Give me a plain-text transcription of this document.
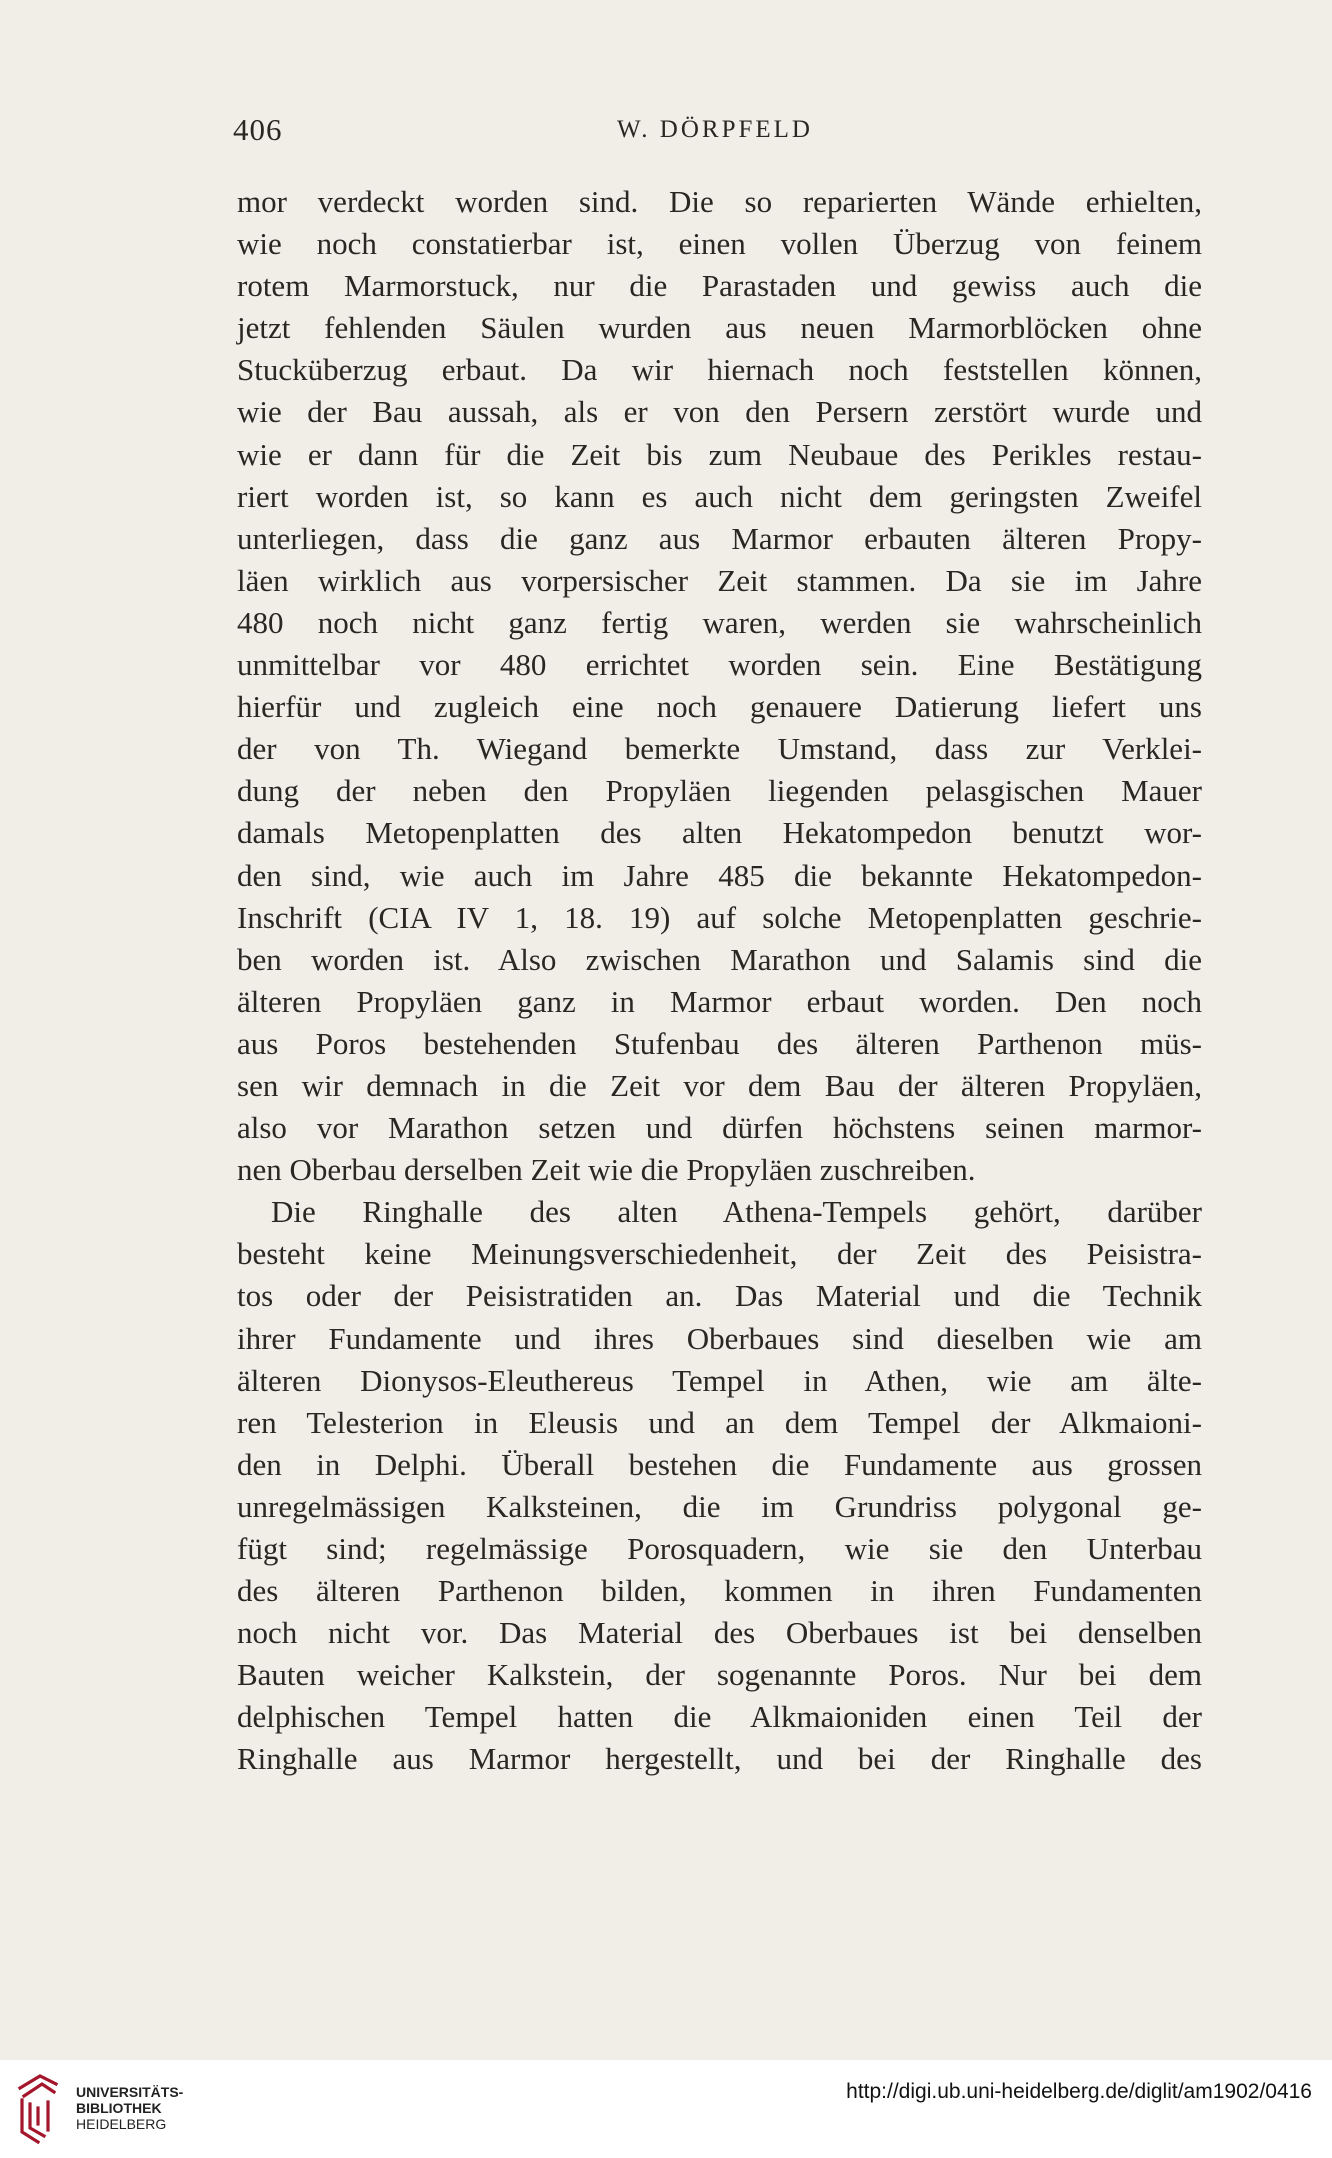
406	W. DÖRPFELD
mor verdeckt worden sind. Die so reparierten Wände erhielten,
wie noch constatierbar ist, einen vollen Überzug von feinem
rotem Marmorstuck, nur die Parastaden und gewiss auch die
jetzt fehlenden Säulen wurden aus neuen Marmorblöcken ohne
Stucküberzug erbaut. Da wir hiernach noch feststellen können,
wie der Bau aussah, als er von den Persern zerstört wurde und
wie er dann für die Zeit bis zum Neubaue des Perikles restau-
riert worden ist, so kann es auch nicht dem geringsten Zweifel
unterliegen, dass die ganz aus Marmor erbauten älteren Propy-
läen wirklich aus vorpersischer Zeit stammen. Da sie im Jahre
480 noch nicht ganz fertig waren, werden sie wahrscheinlich
unmittelbar vor 480 errichtet worden sein. Eine Bestätigung
hierfür und zugleich eine noch genauere Datierung liefert uns
der von Th. Wiegand bemerkte Umstand, dass zur Verklei-
dung der neben den Propyläen liegenden pelasgischen Mauer
damals Metopenplatten des alten Hekatompedon benutzt wor-
den sind, wie auch im Jahre 485 die bekannte Hekatompedon-
Inschrift (CIA IV 1, 18. 19) auf solche Metopenplatten geschrie-
ben worden ist. Also zwischen Marathon und Salamis sind die
älteren Propyläen ganz in Marmor erbaut worden. Den noch
aus Poros bestehenden Stufenbau des älteren Parthenon müs-
sen wir demnach in die Zeit vor dem Bau der älteren Propyläen,
also vor Marathon setzen und dürfen höchstens seinen marmor-
nen Oberbau derselben Zeit wie die Propyläen zuschreiben.
Die Ringhalle des alten Athena-Tempels gehört, darüber
besteht keine Meinungsverschiedenheit, der Zeit des Peisistra-
tos oder der Peisistratiden an. Das Material und die Technik
ihrer Fundamente und ihres Oberbaues sind dieselben wie am
älteren Dionysos-Eleuthereus Tempel in Athen, wie am älte-
ren Telesterion in Eleusis und an dem Tempel der Alkmaioni-
den in Delphi. Überall bestehen die Fundamente aus grossen
unregelmässigen Kalksteinen, die im Grundriss polygonal ge-
fügt sind; regelmässige Porosquadern, wie sie den Unterbau
des älteren Parthenon bilden, kommen in ihren Fundamenten
noch nicht vor. Das Material des Oberbaues ist bei denselben
Bauten weicher Kalkstein, der sogenannte Poros. Nur bei dem
delphischen Tempel hatten die Alkmaioniden einen Teil der
Ringhalle aus Marmor hergestellt, und bei der Ringhalle des
UNIVERSITÄTS-
BIBLIOTHEK
HEIDELBERG
http://digi.ub.uni-heidelberg.de/diglit/am1902/0416
